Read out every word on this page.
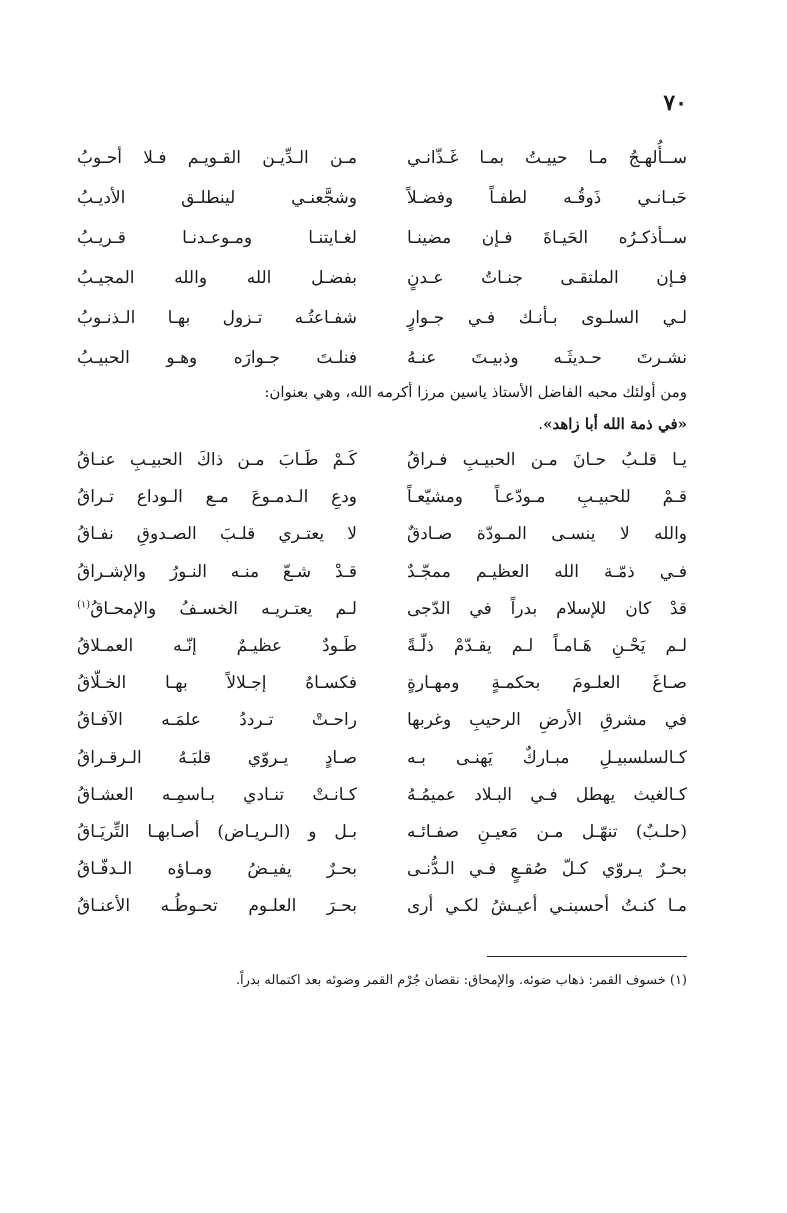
٧٠
ســأُلهـجُ مـا حييـتُ بمـا غَـذّانـي
مـن الـدِّيـن القـويـم فـلا أحـوبُ
حَبـانـي ذَوقُـه لطفـاً وفضـلاً
وشجَّعنـي لينطلـق الأديـبُ
ســأذكـرُه الحَيـاةَ فـإن مضينـا
لغـايتنـا ومـوعـدنـا قـريـبُ
فـإن الملتقـى جنـاتُ عـدنٍ
بفضـل الله والله المجيـبُ
لـي السلـوى بـأنـك فـي جـوارٍ
شفـاعتُـه تـزول بهـا الـذنـوبُ
نشـرتَ حـديثَـه وذبيـتَ عنـهُ
فنلـتَ جـوارَه وهـو الحبيـبُ
ومن أولئك محبه الفاضل الأستاذ ياسين مرزا أكرمه الله، وهي بعنوان:
«في ذمة الله أبا زاهد».
يـا قلـبُ حـانَ مـن الحبيـبِ فـراقُ
كَـمْ طَـابَ مـن ذاكَ الحبيـبِ عنـاقُ
قـمْ للحبيـبِ مـودّعـاً ومشيّعـاً
ودعِ الـدمـوعَ مـع الـوداع تـراقُ
والله لا ينسـى المـودّة صـادقٌ
لا يعتـري قلـبَ الصـدوقِ نفـاقُ
فـي ذمّـة الله العظيـم ممجّـدٌ
قـدْ شـعّ منـه النـورُ والإشـراقُ
قدْ كان للإسلام بدراً في الدّجى
لـم يعتـريـه الخسـفُ والإمحـاقُ$^{(١)}$
لـم يَحْـنِ هَـامـاً لـم يقـدّمْ ذلّـةً
طَـودٌ عظيـمٌ إنّـه العمـلاقُ
صـاغَ العلـومَ بحكمـةٍ ومهـارةٍ
فكسـاهُ إجـلالاً بهـا الخـلّاقُ
في مشرقِ الأرضِ الرحيبِ وغربها
راحـتْ تـرددُ علمَـه الآفـاقُ
كـالسلسبيـلِ مبـاركٌ يَهنـى بـه
صـادٍ يـروّي قلبَـهُ الـرقـراقُ
كـالغيث يهطل فـي البـلاد عميمُـهُ
كـانـتْ تنـادي بـاسمِـه العشـاقُ
(حلـبٌ) تنهّـل مـن مَعيـنِ صفـائـه
بـل و (الـريـاض) أصـابهـا التِّريَـاقُ
بحـرٌ يـروّي كـلّ صُقـعٍ فـي الـدُّنـى
بحـرٌ يفيـضُ ومـاؤه الـدفّـاقُ
مـا كنـتُ أحسبنـي أعيـشُ لكـي أرى
بحـرَ العلـوم تحـوطُـه الأعنـاقُ
(١) خسوف القمر: ذهاب ضوئه. والإمحاق: نقصان جُرْم القمر وضوئه بعد اكتماله بدراً.
